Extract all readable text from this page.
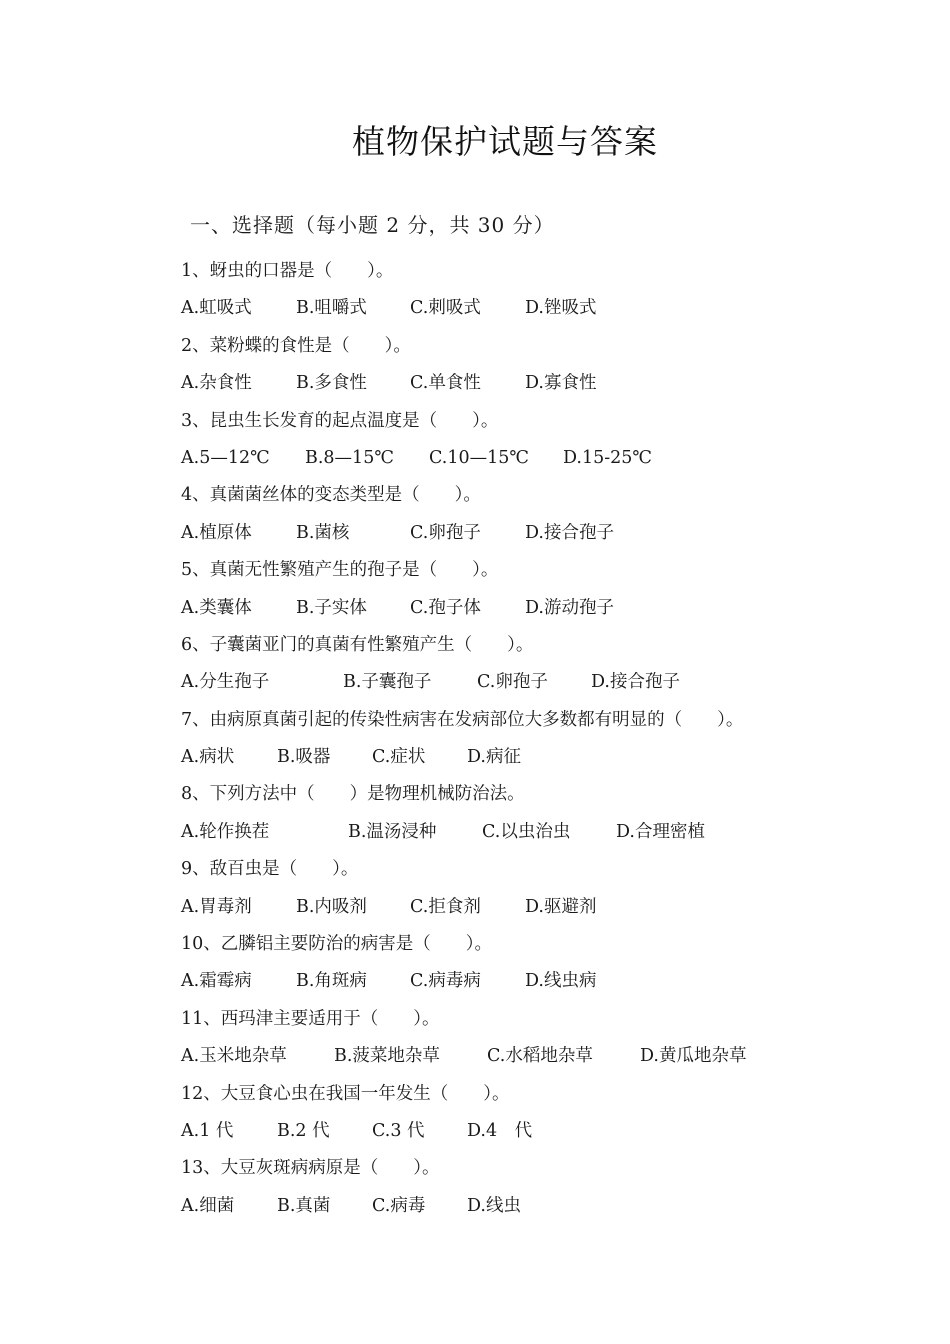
植物保护试题与答案
一、选择题（每小题 2 分，共 30 分）
1、蚜虫的口器是（　　）。
A.虹吸式	B.咀嚼式 C.刺吸式	D.锉吸式
2、菜粉蝶的食性是（　　）。
A.杂食性	B.多食性 C.单食性	D.寡食性
3、昆虫生长发育的起点温度是（　　）。
A.5—12℃ B.8—15℃ C.10—15℃ D.15-25℃
4、真菌菌丝体的变态类型是（　　）。
A.植原体	B.菌核	C.卵孢子	D.接合孢子
5、真菌无性繁殖产生的孢子是（　　）。
A.类囊体	B.子实体 C.孢子体	D.游动孢子
6、子囊菌亚门的真菌有性繁殖产生（　　）。
A.分生孢子	B.子囊孢子	C.卵孢子 D.接合孢子
7、由病原真菌引起的传染性病害在发病部位大多数都有明显的（　　）。
A.病状 B.吸器 C.症状 D.病征
8、下列方法中（　　）是物理机械防治法。
A.轮作换茬	B.温汤浸种	C.以虫治虫	D.合理密植
9、敌百虫是（　　）。
A.胃毒剂	B.内吸剂 C.拒食剂	D.驱避剂
10、乙膦铝主要防治的病害是（　　）。
A.霜霉病	B.角斑病 C.病毒病	D.线虫病
11、西玛津主要适用于（　　）。
A.玉米地杂草	B.菠菜地杂草	C.水稻地杂草	D.黄瓜地杂草
12、大豆食心虫在我国一年发生（　　）。
A.1 代 B.2 代 C.3 代 D.4　代
13、大豆灰斑病病原是（　　）。
A.细菌 B.真菌 C.病毒 D.线虫
